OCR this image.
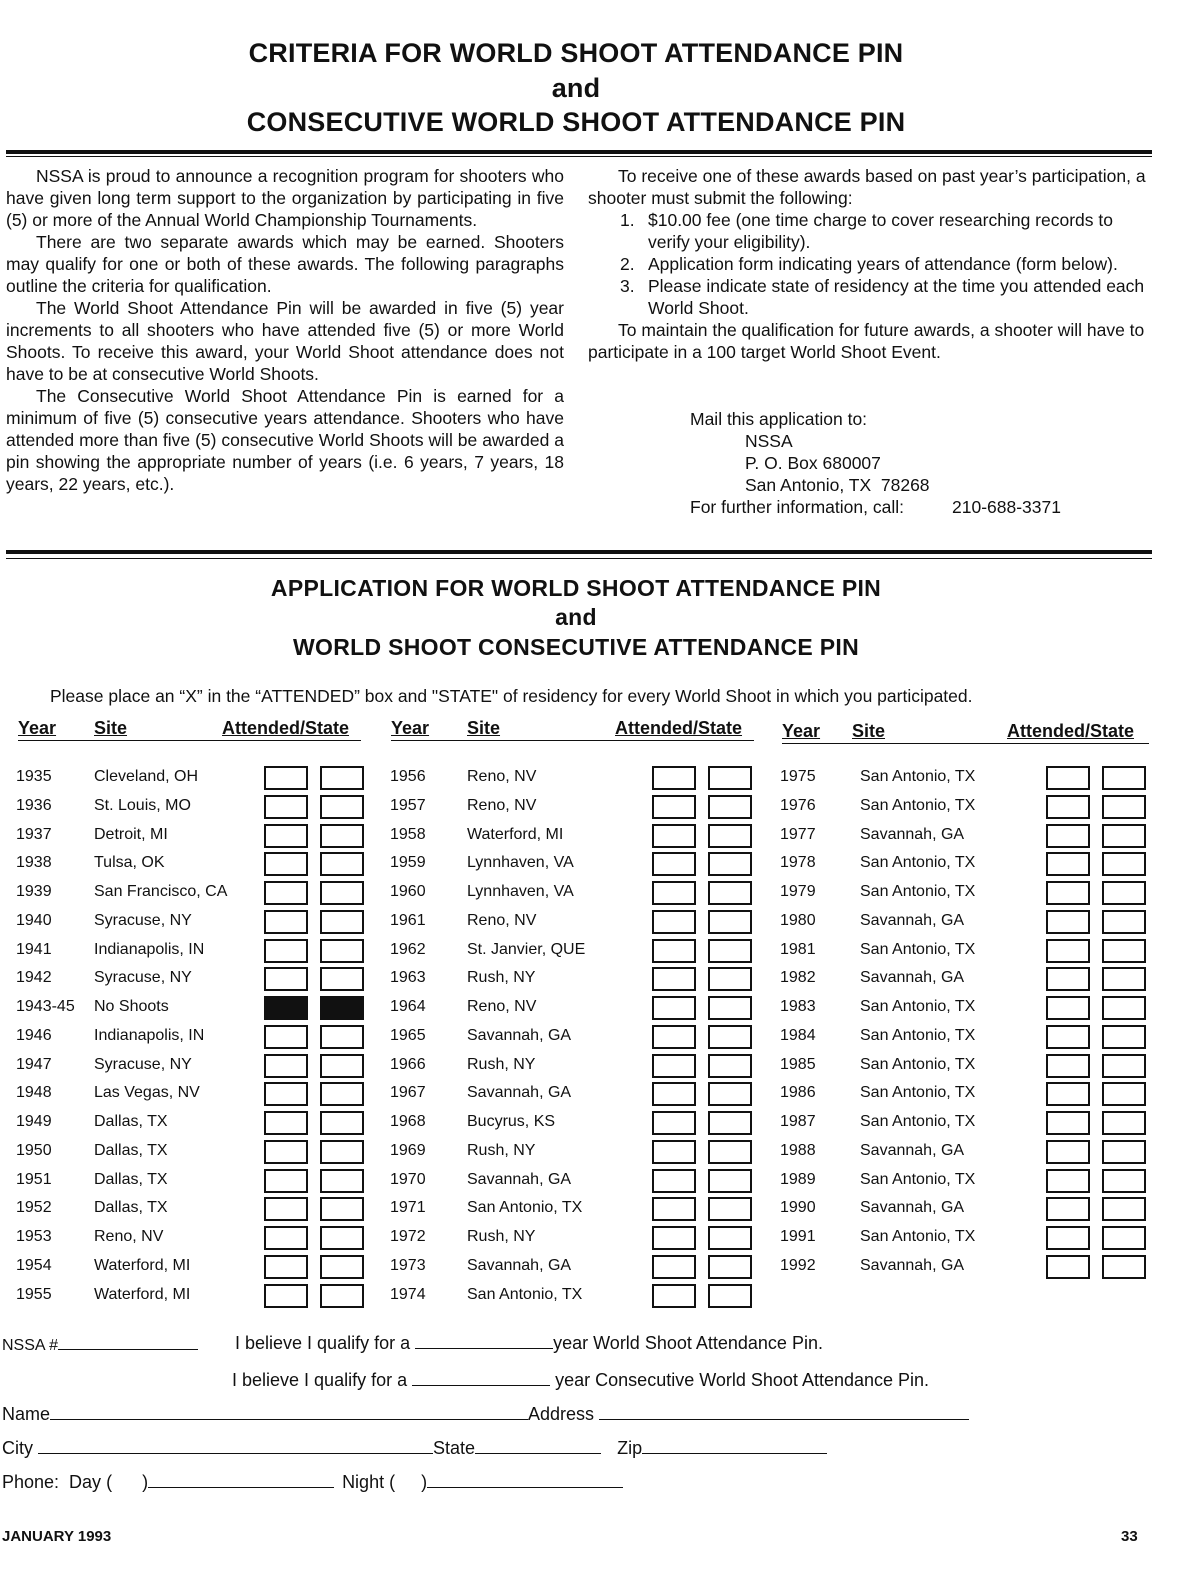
CRITERIA FOR WORLD SHOOT ATTENDANCE PIN
and
CONSECUTIVE WORLD SHOOT ATTENDANCE PIN

NSSA is proud to announce a recognition program for shooters who have given long term support to the organization by participating in five (5) or more of the Annual World Championship Tournaments.

There are two separate awards which may be earned. Shooters may qualify for one or both of these awards. The following paragraphs outline the criteria for qualification.

The World Shoot Attendance Pin will be awarded in five (5) year increments to all shooters who have attended five (5) or more World Shoots. To receive this award, your World Shoot attendance does not have to be at consecutive World Shoots.

The Consecutive World Shoot Attendance Pin is earned for a minimum of five (5) consecutive years attendance. Shooters who have attended more than five (5) consecutive World Shoots will be awarded a pin showing the appropriate number of years (i.e. 6 years, 7 years, 18 years, 22 years, etc.).

To receive one of these awards based on past year’s participation, a shooter must submit the following:

1. $10.00 fee (one time charge to cover researching records to verify your eligibility).
2. Application form indicating years of attendance (form below).
3. Please indicate state of residency at the time you attended each World Shoot.

To maintain the qualification for future awards, a shooter will have to participate in a 100 target World Shoot Event.

Mail this application to:
NSSA
P. O. Box 680007
San Antonio, TX  78268
For further information, call:	210-688-3371
APPLICATION FOR WORLD SHOOT ATTENDANCE PIN
and
WORLD SHOOT CONSECUTIVE ATTENDANCE PIN
Please place an “X” in the “ATTENDED” box and "STATE" of residency for every World Shoot in which you participated.
Year Site	Attended/State Year Site	Attended/State Year Site	Attended/State
1935	Cleveland, OH
1936	St. Louis, MO
1937	Detroit, MI
1938	Tulsa, OK
1939	San Francisco, CA
1940	Syracuse, NY
1941	Indianapolis, IN
1942	Syracuse, NY
1943-45 No Shoots
1946	Indianapolis, IN
1947	Syracuse, NY
1948	Las Vegas, NV
1949	Dallas, TX
1950	Dallas, TX
1951	Dallas, TX
1952	Dallas, TX
1953	Reno, NV
1954	Waterford, MI
1955	Waterford, MI
1956	Reno, NV
1957	Reno, NV
1958	Waterford, MI
1959	Lynnhaven, VA
1960	Lynnhaven, VA
1961	Reno, NV
1962	St. Janvier, QUE
1963	Rush, NY
1964	Reno, NV
1965	Savannah, GA
1966	Rush, NY
1967	Savannah, GA
1968	Bucyrus, KS
1969	Rush, NY
1970	Savannah, GA
1971	San Antonio, TX
1972	Rush, NY
1973	Savannah, GA
1974	San Antonio, TX
1975	San Antonio, TX
1976	San Antonio, TX
1977	Savannah, GA
1978	San Antonio, TX
1979	San Antonio, TX
1980	Savannah, GA
1981	San Antonio, TX
1982	Savannah, GA
1983	San Antonio, TX
1984	San Antonio, TX
1985	San Antonio, TX
1986	San Antonio, TX
1987	San Antonio, TX
1988	Savannah, GA
1989	San Antonio, TX
1990	Savannah, GA
1991	San Antonio, TX
1992	Savannah, GA
NSSA #	I believe I qualify for a	year World Shoot Attendance Pin.
I believe I qualify for a	year Consecutive World Shoot Attendance Pin.
Name	Address
City	State	Zip
Phone:  Day ( )	Night ( )
JANUARY 1993	33
